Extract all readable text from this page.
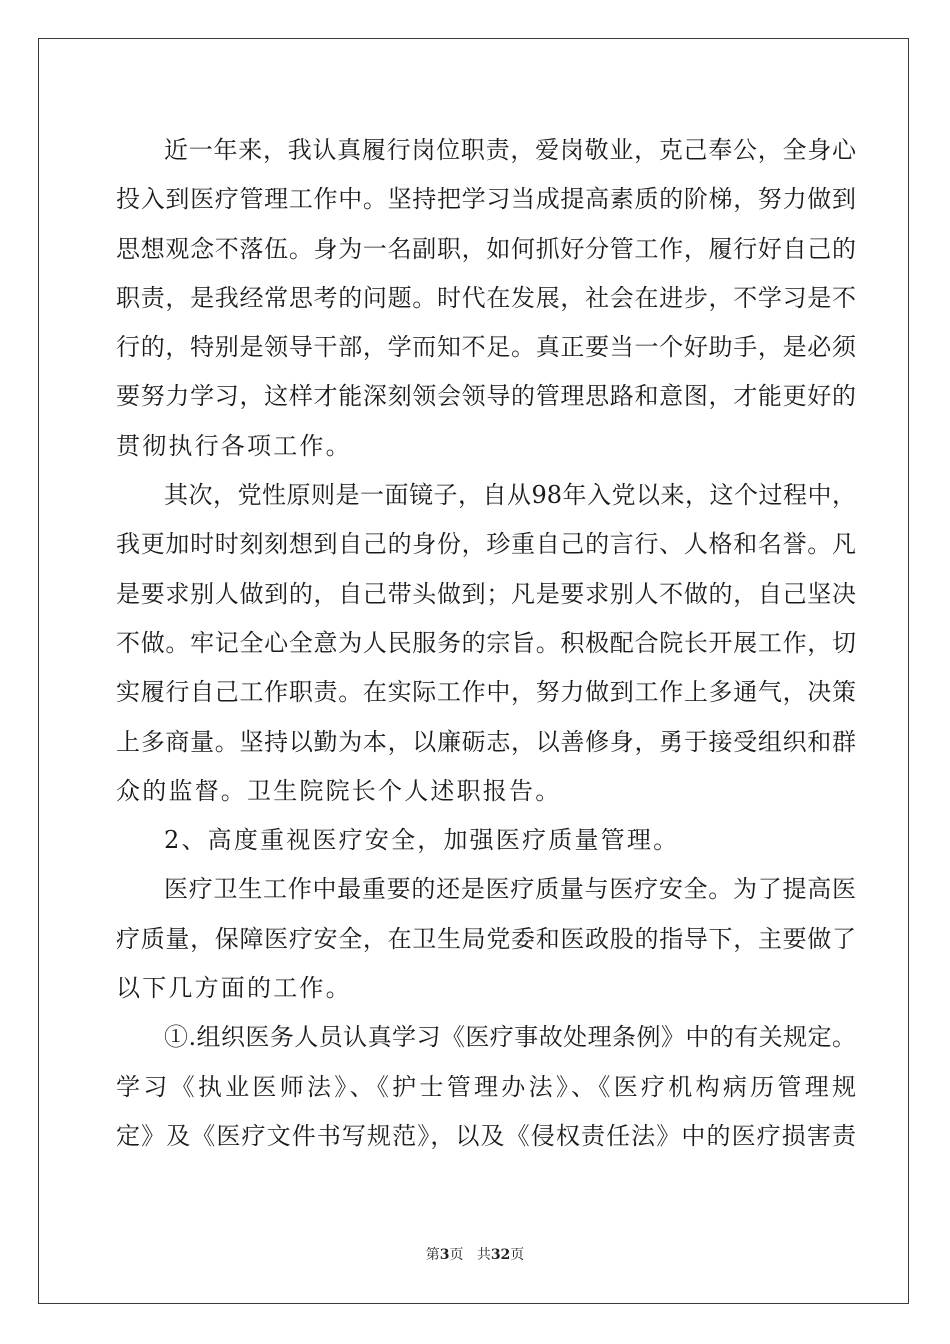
近一年来，我认真履行岗位职责，爱岗敬业，克己奉公，全身心
投入到医疗管理工作中。坚持把学习当成提高素质的阶梯，努力做到
思想观念不落伍。身为一名副职，如何抓好分管工作，履行好自己的
职责，是我经常思考的问题。时代在发展，社会在进步，不学习是不
行的，特别是领导干部，学而知不足。真正要当一个好助手，是必须
要努力学习，这样才能深刻领会领导的管理思路和意图，才能更好的
贯彻执行各项工作。
其次，党性原则是一面镜子，自从98年入党以来，这个过程中，
我更加时时刻刻想到自己的身份，珍重自己的言行、人格和名誉。凡
是要求别人做到的，自己带头做到；凡是要求别人不做的，自己坚决
不做。牢记全心全意为人民服务的宗旨。积极配合院长开展工作，切
实履行自己工作职责。在实际工作中，努力做到工作上多通气，决策
上多商量。坚持以勤为本，以廉砺志，以善修身，勇于接受组织和群
众的监督。卫生院院长个人述职报告。
2、高度重视医疗安全，加强医疗质量管理。
医疗卫生工作中最重要的还是医疗质量与医疗安全。为了提高医
疗质量，保障医疗安全，在卫生局党委和医政股的指导下，主要做了
以下几方面的工作。
①.组织医务人员认真学习《医疗事故处理条例》中的有关规定。
学习《执业医师法》、《护士管理办法》、《医疗机构病历管理规
定》及《医疗文件书写规范》，以及《侵权责任法》中的医疗损害责
第3页 共32页
